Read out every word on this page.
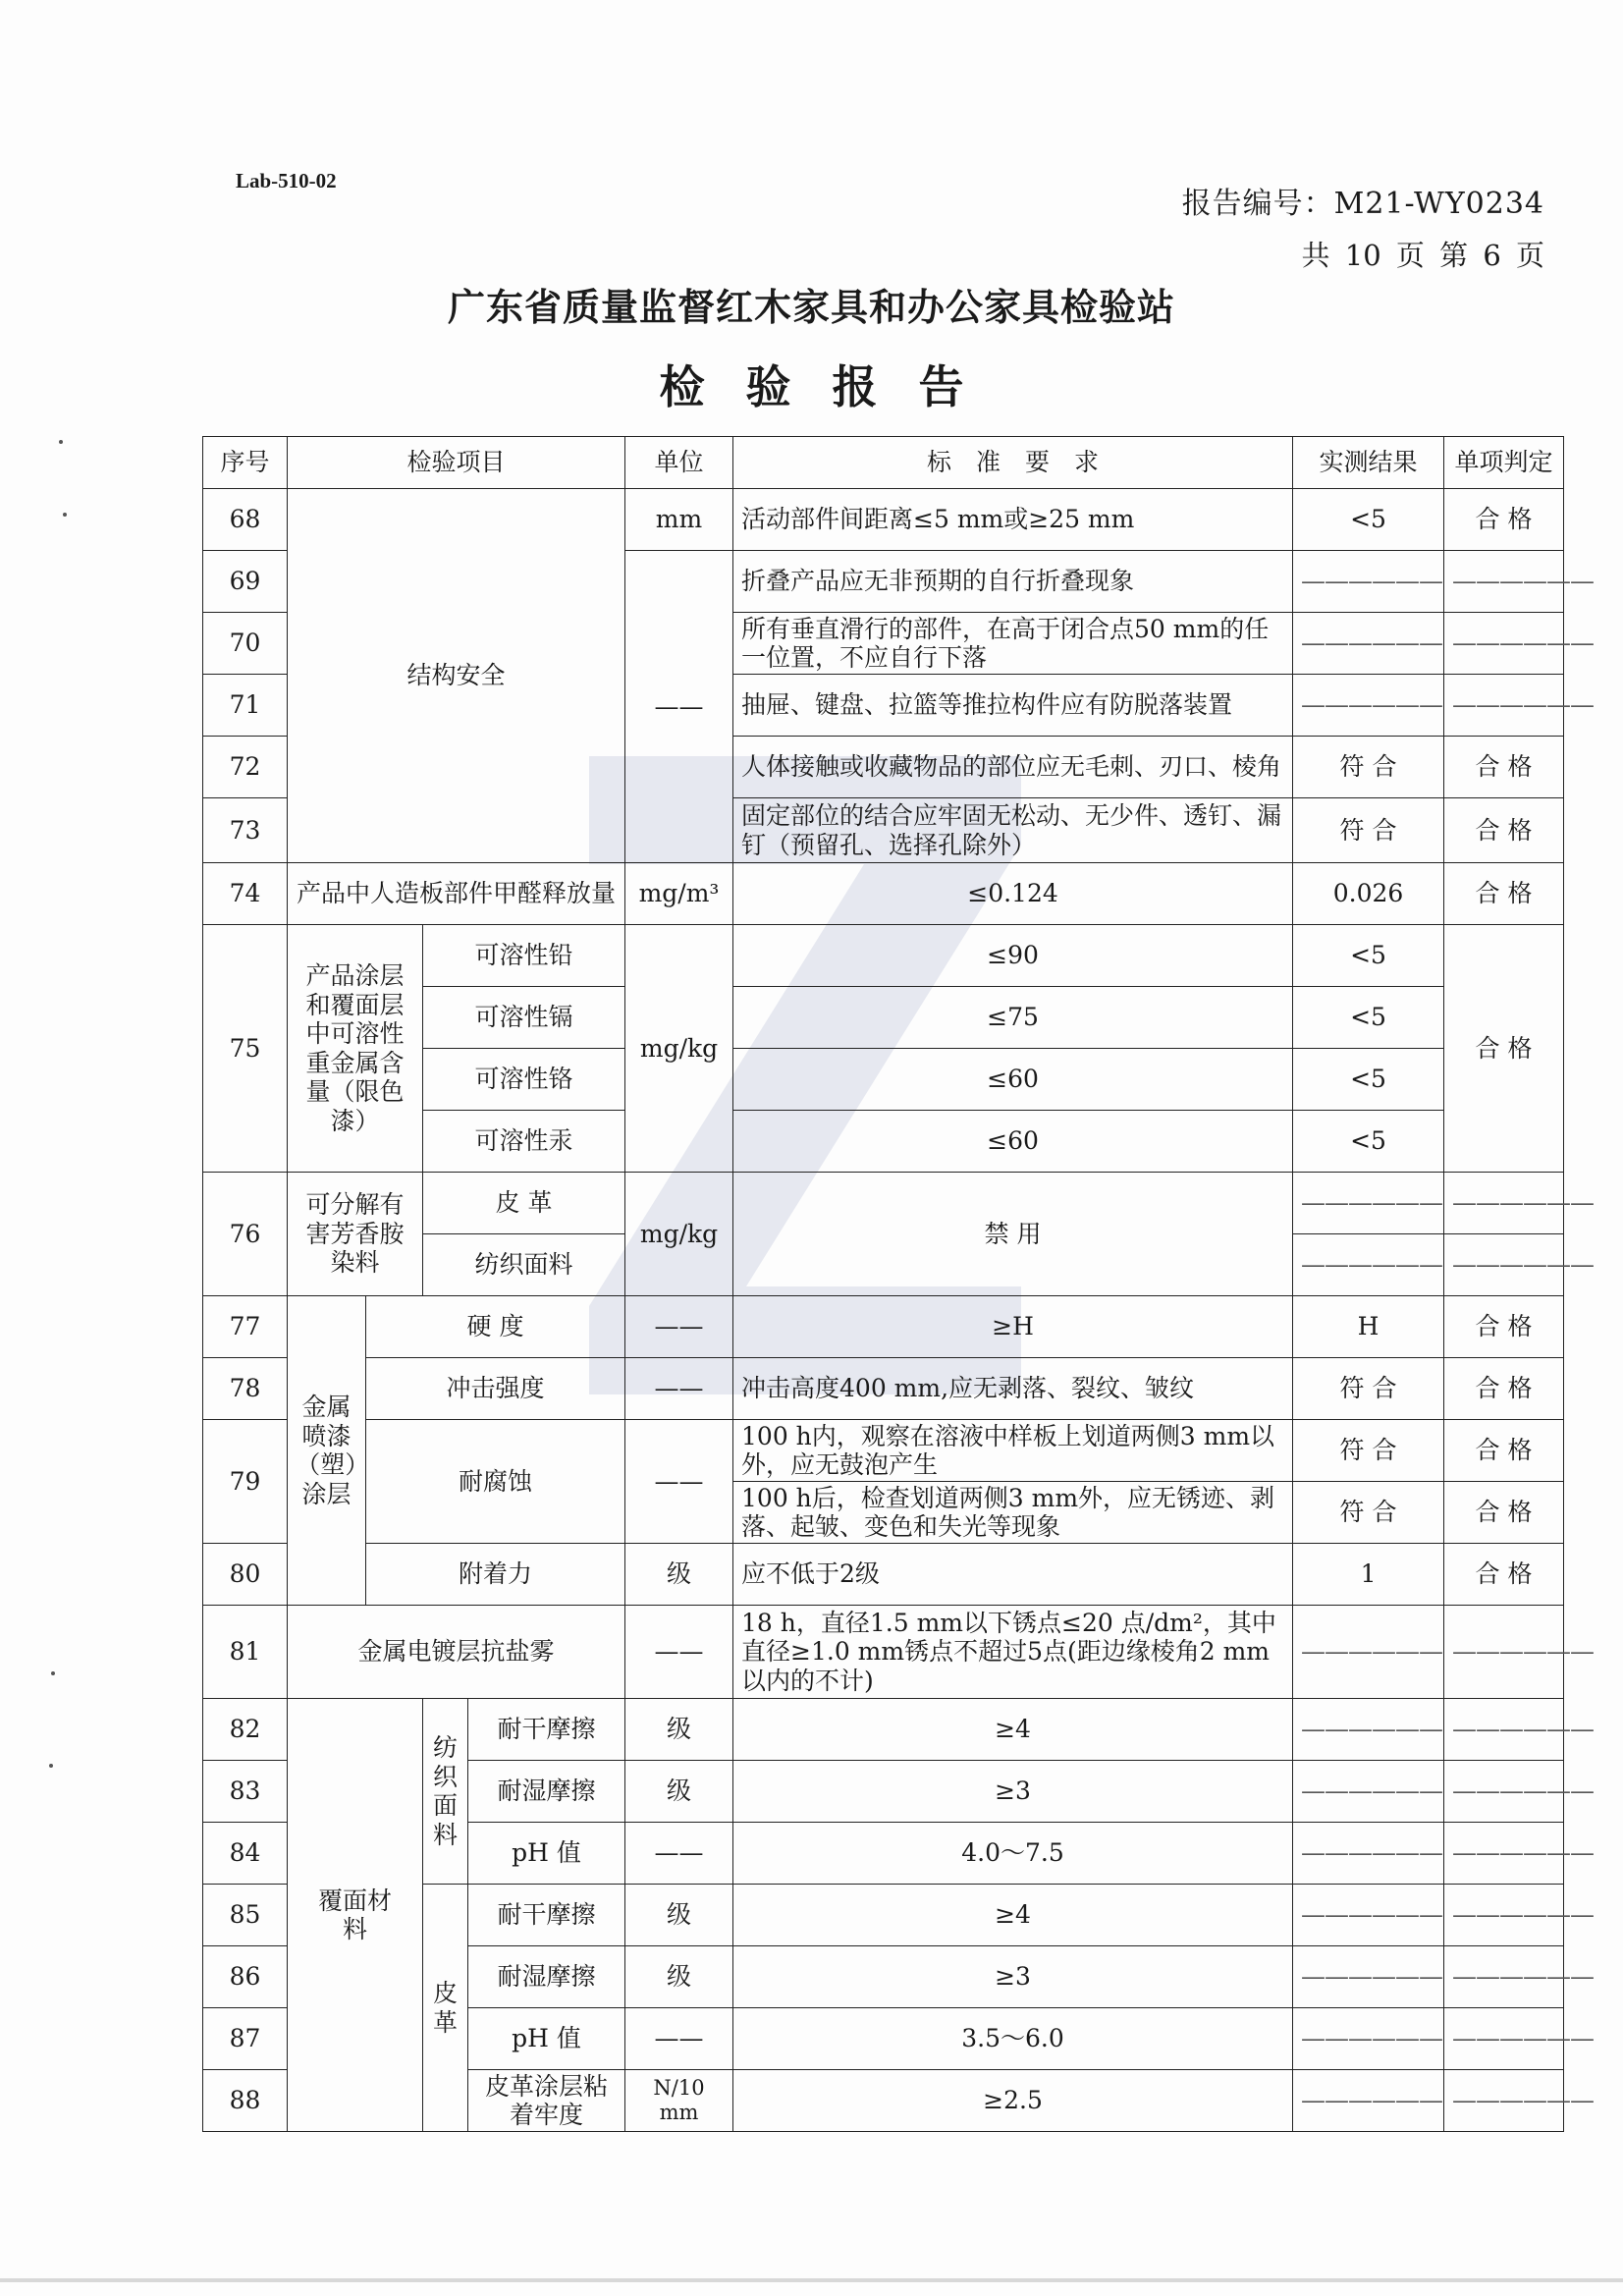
Lab-510-02
报告编号：M21-WY0234
共 10 页 第 6 页
广东省质量监督红木家具和办公家具检验站
检验报告
序号	检验项目				单位	标　准　要　求	实测结果	单项判定
68	结构安全				mm	活动部件间距离≤5 mm或≥25 mm	<5	合 格
69					——	折叠产品应无非预期的自行折叠现象	——————	——————
70						所有垂直滑行的部件，在高于闭合点50 mm的任一位置，不应自行下落	——————	——————
71						抽屉、键盘、拉篮等推拉构件应有防脱落装置	——————	——————
72						人体接触或收藏物品的部位应无毛刺、刃口、棱角	符 合	合 格
73						固定部位的结合应牢固无松动、无少件、透钉、漏钉（预留孔、选择孔除外）	符 合	合 格
74	产品中人造板部件甲醛释放量				mg/m³	≤0.124	0.026	合 格
75	产品涂层和覆面层中可溶性重金属含量（限色漆）		可溶性铅		mg/kg	≤90	<5	合 格
			可溶性镉			≤75	<5	
			可溶性铬			≤60	<5	
			可溶性汞			≤60	<5	
76	可分解有害芳香胺染料		皮 革		mg/kg	禁 用	——————	——————
			纺织面料				——————	——————
77	金属喷漆（塑）涂层	硬 度			——	≥H	H	合 格
78		冲击强度			——	冲击高度400 mm,应无剥落、裂纹、皱纹	符 合	合 格
79		耐腐蚀			——	100 h内，观察在溶液中样板上划道两侧3 mm以外，应无鼓泡产生	符 合	合 格
						100 h后，检查划道两侧3 mm外，应无锈迹、剥落、起皱、变色和失光等现象	符 合	合 格
80		附着力			级	应不低于2级	1	合 格
81	金属电镀层抗盐雾				——	18 h，直径1.5 mm以下锈点≤20 点/dm²，其中直径≥1.0 mm锈点不超过5点(距边缘棱角2 mm以内的不计)	——————	——————
82	覆面材料		纺织面料	耐干摩擦	级	≥4	——————	——————
83				耐湿摩擦	级	≥3	——————	——————
84				pH 值	——	4.0～7.5	——————	——————
85			皮革	耐干摩擦	级	≥4	——————	——————
86				耐湿摩擦	级	≥3	——————	——————
87				pH 值	——	3.5～6.0	——————	——————
88				皮革涂层粘着牢度	N/10 mm	≥2.5	——————	——————
